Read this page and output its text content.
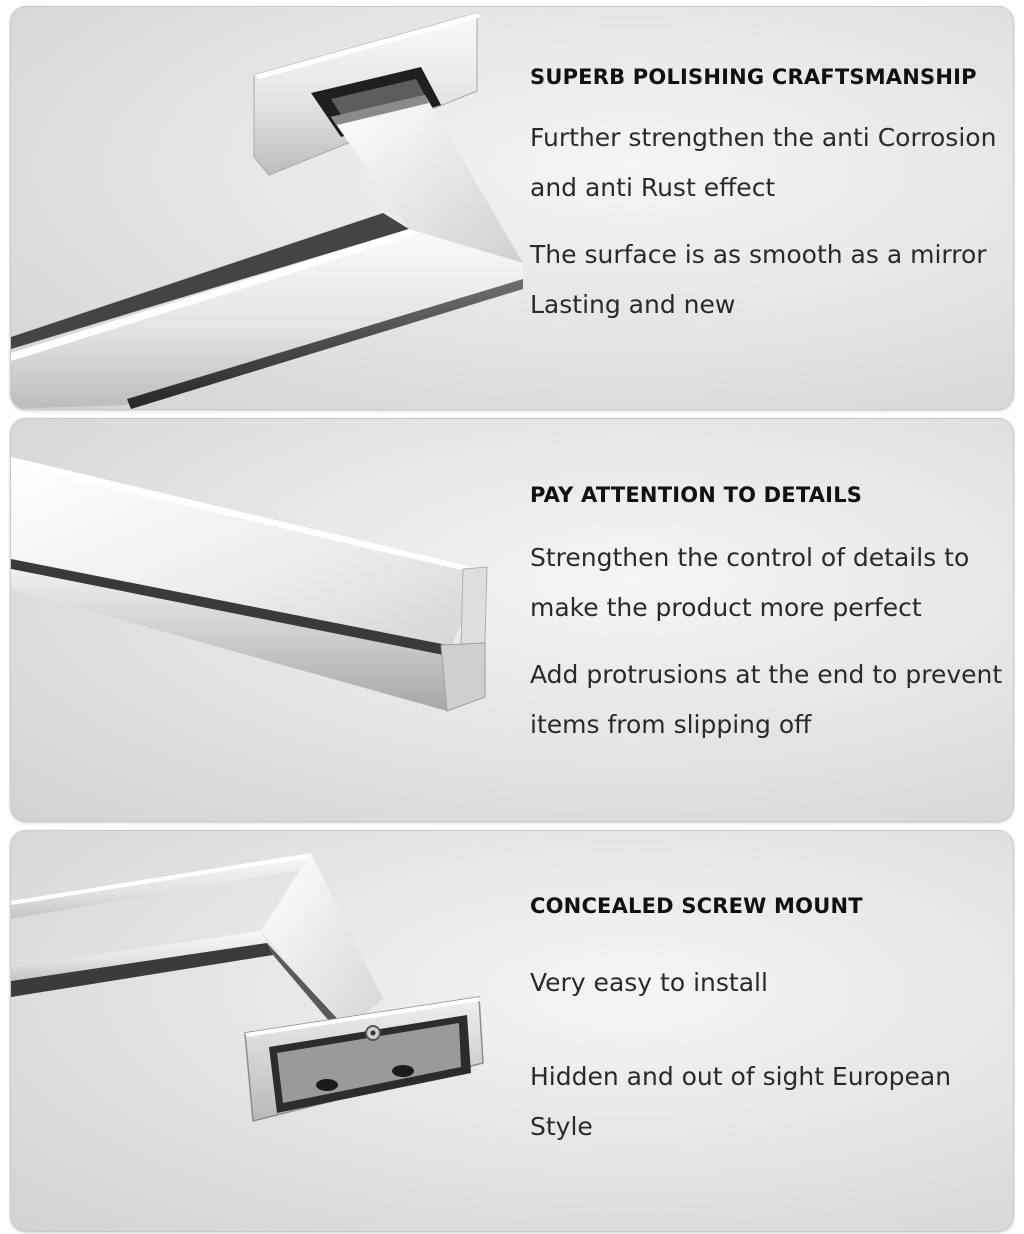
SUPERB POLISHING CRAFTSMANSHIP

Further strengthen the anti Corrosion and anti Rust effect

The surface is as smooth as a mirror Lasting and new

PAY ATTENTION TO DETAILS

Strengthen the control of details to make the product more perfect

Add protrusions at the end to prevent items from slipping off

CONCEALED SCREW MOUNT

Very easy to install

Hidden and out of sight European Style
